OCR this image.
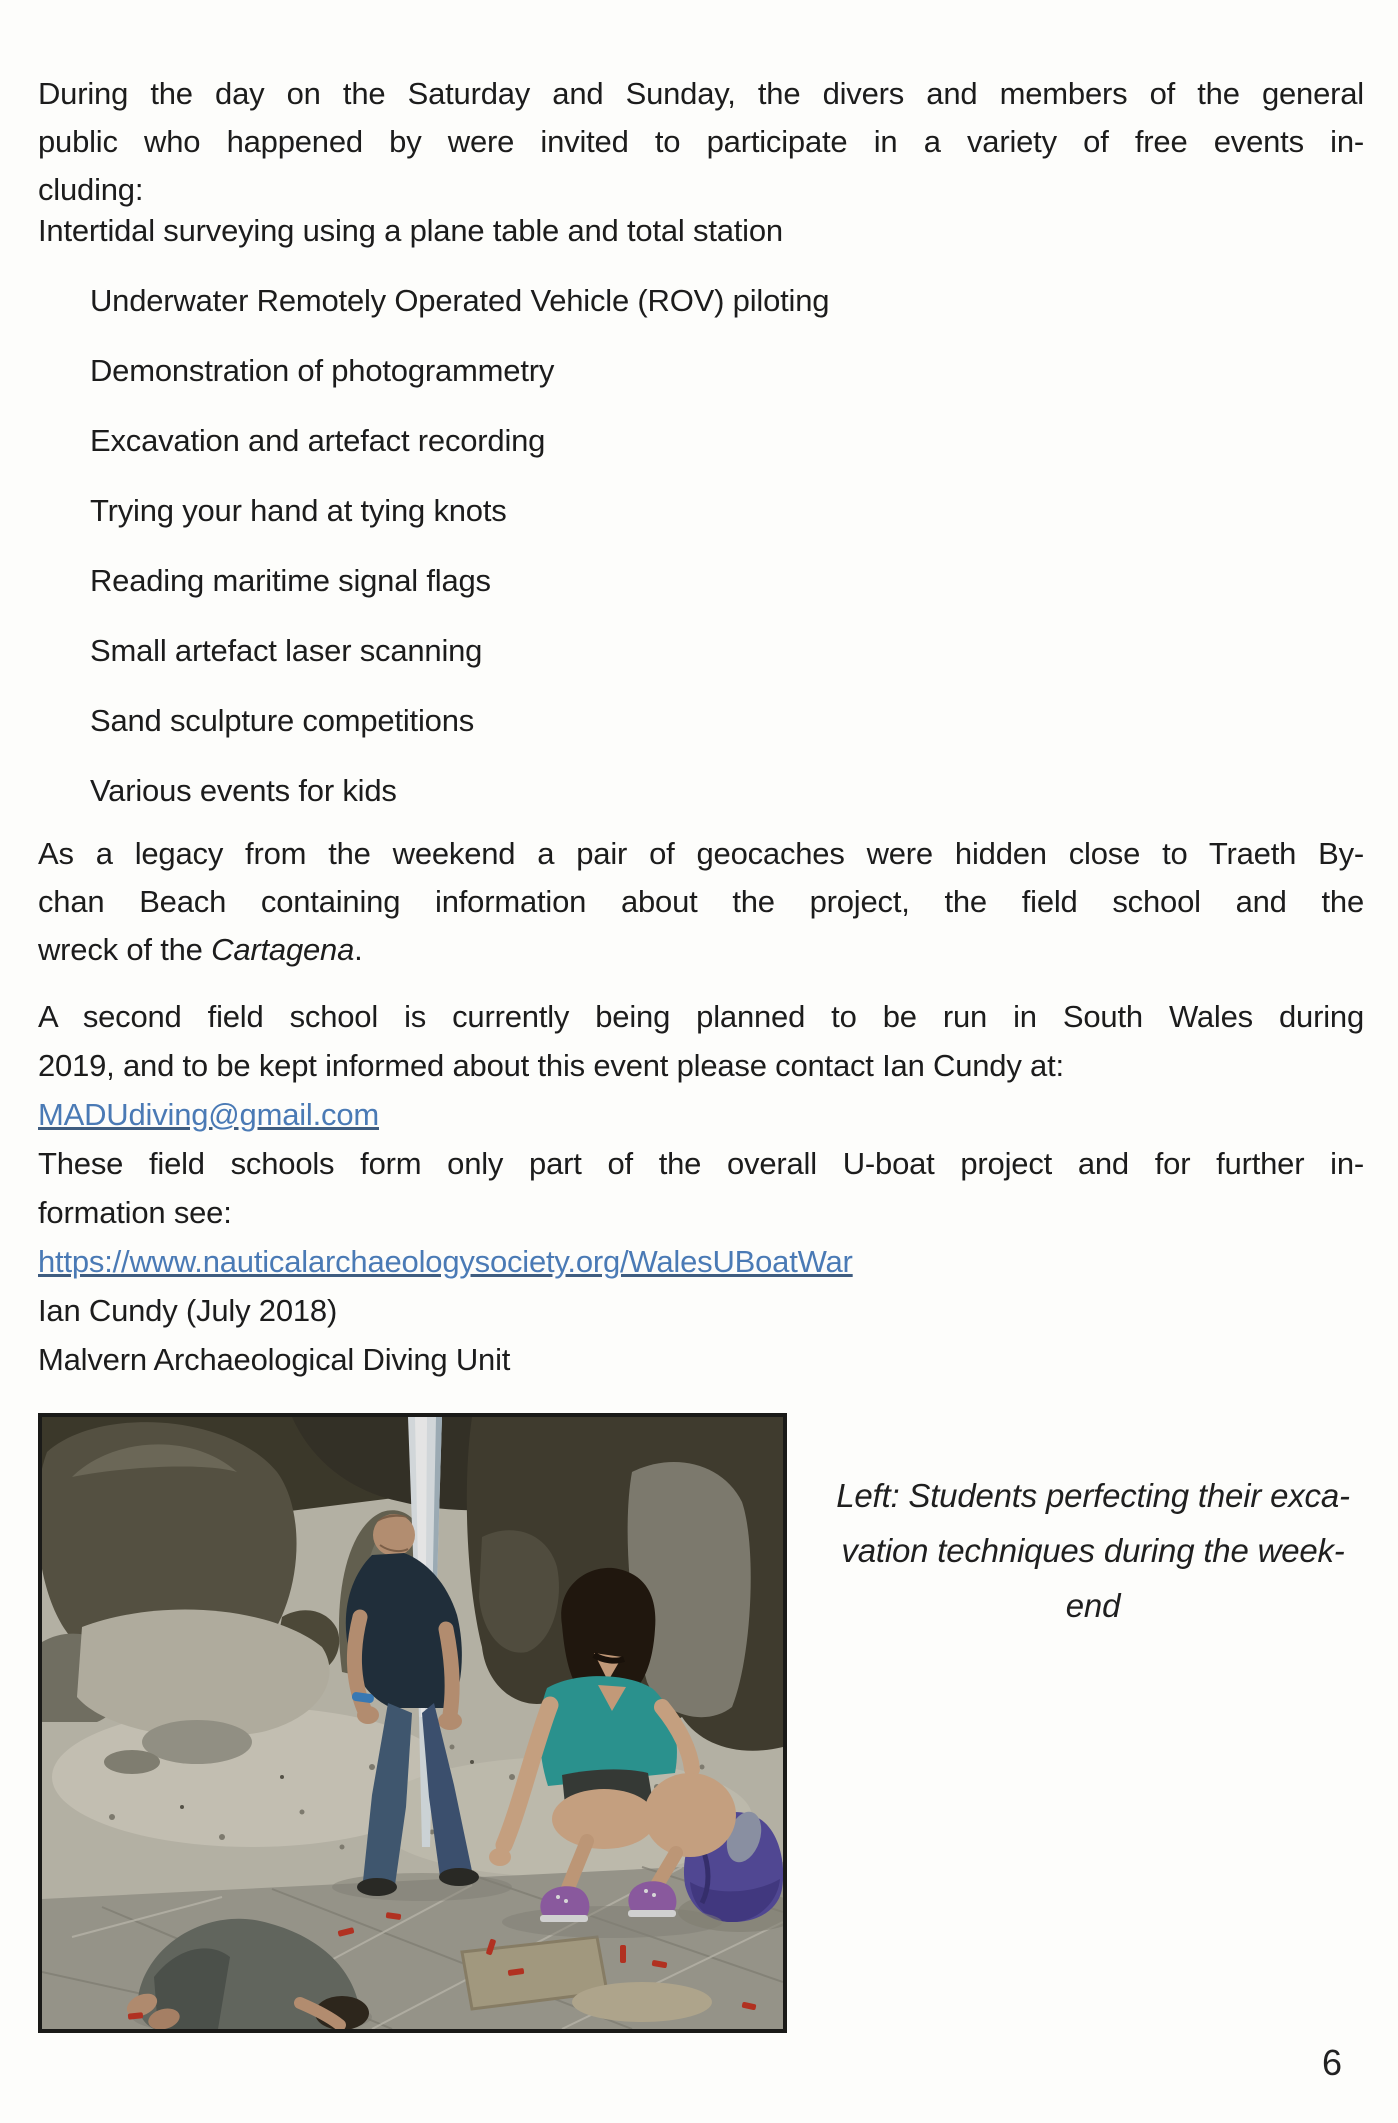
During the day on the Saturday and Sunday, the divers and members of the general
public who happened by were invited to participate in a variety of free events in-
cluding:
Intertidal surveying using a plane table and total station
Underwater Remotely Operated Vehicle (ROV) piloting
Demonstration of photogrammetry
Excavation and artefact recording
Trying your hand at tying knots
Reading maritime signal flags
Small artefact laser scanning
Sand sculpture competitions
Various events for kids
As a legacy from the weekend a pair of geocaches were hidden close to Traeth By-
chan Beach containing information about the project, the field school and the
wreck of the Cartagena.
A second field school is currently being planned to be run in South Wales during
2019, and to be kept informed about this event please contact Ian Cundy at:
MADUdiving@gmail.com
These field schools form only part of the overall U-boat project and for further in-
formation see:
https://www.nauticalarchaeologysociety.org/WalesUBoatWar
Ian Cundy (July 2018)
Malvern Archaeological Diving Unit
Left: Students perfecting their exca-
vation techniques during the week-
end
6
